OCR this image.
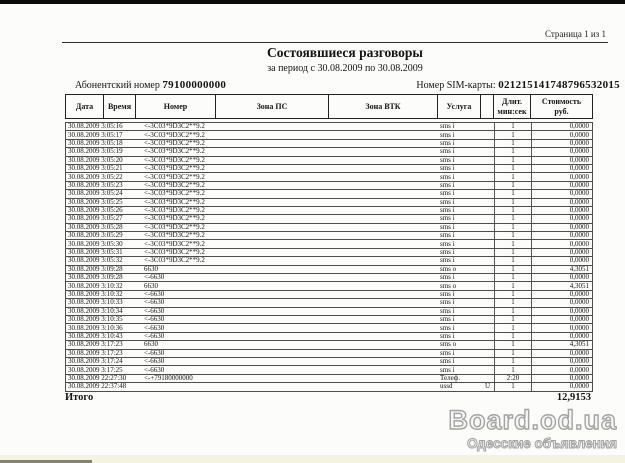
Страница 1 из 1
Состоявшиеся разговоры
за период с 30.08.2009 по 30.08.2009
Абонентский номер 79100000000	Номер SIM-карты: 021215141748796532015
Дата	Время	Номер	Зона ПС	Зона ВТК	Услуга
Длит.
мин:сек
Стоимость
руб.
30.08.2009 3:05:16	<-3C03*9D3C2**9.2	sms i	1	0,0000
30.08.2009 3:05:17	<-3C03*9D3C2**9.2	sms i	1	0,0000
30.08.2009 3:05:18	<-3C03*9D3C2**9.2	sms i	1	0,0000
30.08.2009 3:05:19	<-3C03*9D3C2**9.2	sms i	1	0,0000
30.08.2009 3:05:20	<-3C03*9D3C2**9.2	sms i	1	0,0000
30.08.2009 3:05:21	<-3C03*9D3C2**9.2	sms i	1	0,0000
30.08.2009 3:05:22	<-3C03*9D3C2**9.2	sms i	1	0,0000
30.08.2009 3:05:23	<-3C03*9D3C2**9.2	sms i	1	0,0000
30.08.2009 3:05:24	<-3C03*9D3C2**9.2	sms i	1	0,0000
30.08.2009 3:05:25	<-3C03*9D3C2**9.2	sms i	1	0,0000
30.08.2009 3:05:26	<-3C03*9D3C2**9.2	sms i	1	0,0000
30.08.2009 3:05:27	<-3C03*9D3C2**9.2	sms i	1	0,0000
30.08.2009 3:05:28	<-3C03*9D3C2**9.2	sms i	1	0,0000
30.08.2009 3:05:29	<-3C03*9D3C2**9.2	sms i	1	0,0000
30.08.2009 3:05:30	<-3C03*9D3C2**9.2	sms i	1	0,0000
30.08.2009 3:05:31	<-3C03*9D3C2**9.2	sms i	1	0,0000
30.08.2009 3:05:32	<-3C03*9D3C2**9.2	sms i	1	0,0000
30.08.2009 3:09:28	6630	sms o	1	4,3051
30.08.2009 3:09:28	<-6630	sms i	1	0,0000
30.08.2009 3:10:32	6630	sms o	1	4,3051
30.08.2009 3:10:32	<-6630	sms i	1	0,0000
30.08.2009 3:10:33	<-6630	sms i	1	0,0000
30.08.2009 3:10:34	<-6630	sms i	1	0,0000
30.08.2009 3:10:35	<-6630	sms i	1	0,0000
30.08.2009 3:10:36	<-6630	sms i	1	0,0000
30.08.2009 3:10:43	<-6630	sms i	1	0,0000
30.08.2009 3:17:23	6630	sms o	1	4,3051
30.08.2009 3:17:23	<-6630	sms i	1	0,0000
30.08.2009 3:17:24	<-6630	sms i	1	0,0000
30.08.2009 3:17:25	<-6630	sms i	1	0,0000
30.08.2009 22:27:30	<-+79180000000	Телеф.	2:20	0,0000
30.08.2009 22:37:48	ussd	U	1	0,0000
Итого	12,9153
Board.od.ua
Одесские объявления
